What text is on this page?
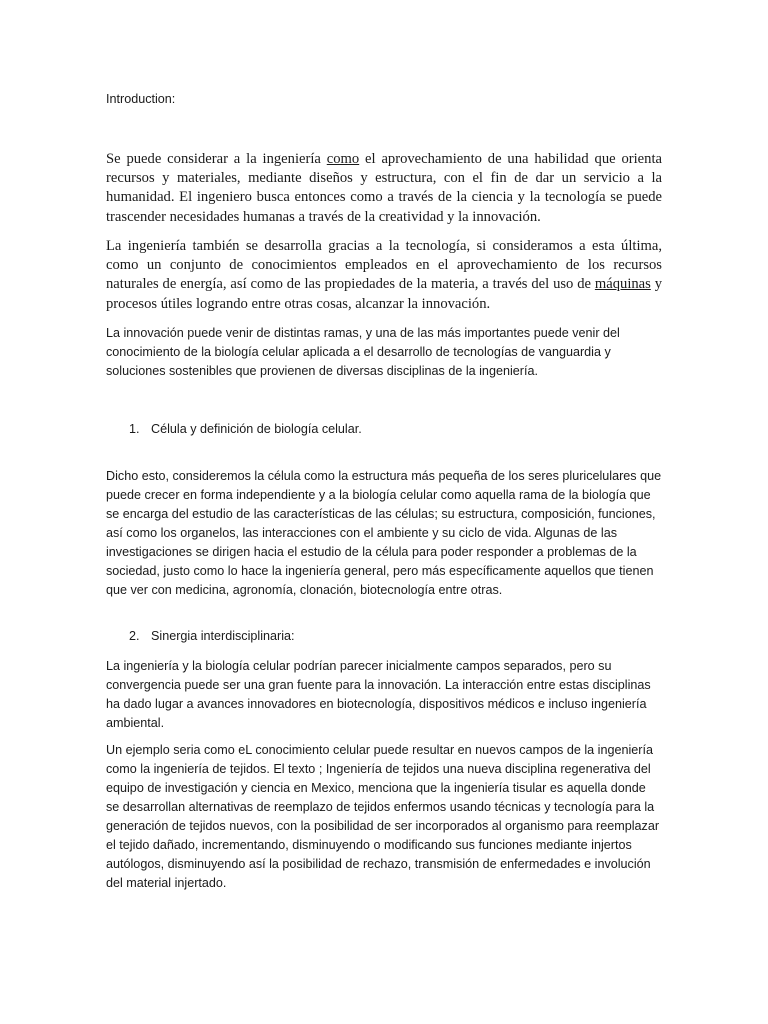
Introduction:

Se puede considerar a la ingeniería como el aprovechamiento de una habilidad que orienta recursos y materiales, mediante diseños y estructura, con el fin de dar un servicio a la humanidad. El ingeniero busca entonces como a través de la ciencia y la tecnología se puede trascender necesidades humanas a través de la creatividad y la innovación.

La ingeniería también se desarrolla gracias a la tecnología, si consideramos a esta última, como un conjunto de conocimientos empleados en el aprovechamiento de los recursos naturales de energía, así como de las propiedades de la materia, a través del uso de máquinas y procesos útiles logrando entre otras cosas, alcanzar la innovación.

La innovación puede venir de distintas ramas, y una de las más importantes puede venir del conocimiento de la biología celular aplicada a el desarrollo de tecnologías de vanguardia y soluciones sostenibles que provienen de diversas disciplinas de la ingeniería.

1. Célula y definición de biología celular.

Dicho esto, consideremos la célula como la estructura más pequeña de los seres pluricelulares que puede crecer en forma independiente y a la biología celular como aquella rama de la biología que se encarga del estudio de las características de las células; su estructura, composición, funciones, así como los organelos, las interacciones con el ambiente y su ciclo de vida. Algunas de las investigaciones se dirigen hacia el estudio de la célula para poder responder a problemas de la sociedad, justo como lo hace la ingeniería general, pero más específicamente aquellos que tienen que ver con medicina, agronomía, clonación, biotecnología entre otras.

2. Sinergia interdisciplinaria:

La ingeniería y la biología celular podrían parecer inicialmente campos separados, pero su convergencia puede ser una gran fuente para la innovación. La interacción entre estas disciplinas ha dado lugar a avances innovadores en biotecnología, dispositivos médicos e incluso ingeniería ambiental.

Un ejemplo seria como eL conocimiento celular puede resultar en nuevos campos de la ingeniería como la ingeniería de tejidos. El texto ; Ingeniería de tejidos una nueva disciplina regenerativa del equipo de investigación y ciencia en Mexico, menciona que la ingeniería tisular es aquella donde se desarrollan alternativas de reemplazo de tejidos enfermos usando técnicas y tecnología para la generación de tejidos nuevos, con la posibilidad de ser incorporados al organismo para reemplazar el tejido dañado, incrementando, disminuyendo o modificando sus funciones mediante injertos autólogos, disminuyendo así la posibilidad de rechazo, transmisión de enfermedades e involución del material injertado.
